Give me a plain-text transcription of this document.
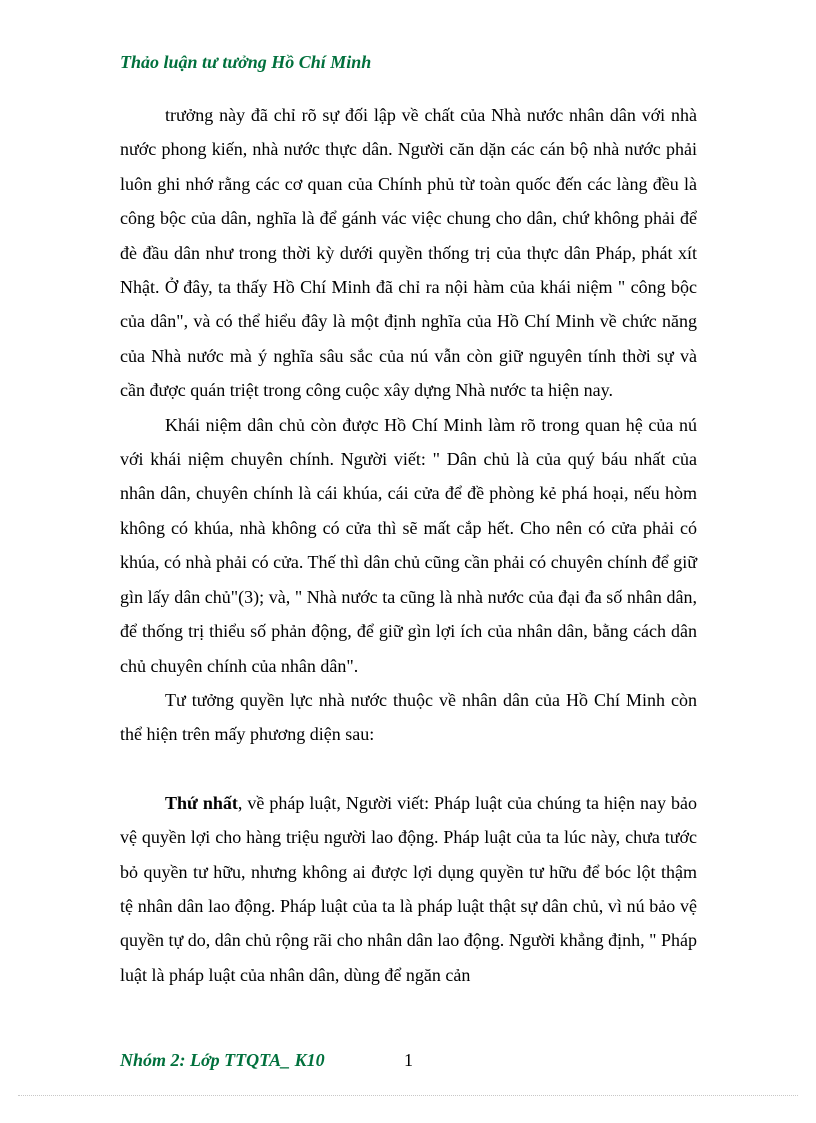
Thảo luận tư tưởng Hồ Chí Minh

trưởng này đã chỉ rõ sự đối lập về chất của Nhà nước nhân dân với nhà nước phong kiến, nhà nước thực dân. Người căn dặn các cán bộ nhà nước phải luôn ghi nhớ rằng các cơ quan của Chính phủ từ toàn quốc đến các làng đều là công bộc của dân, nghĩa là để gánh vác việc chung cho dân, chứ không phải để đè đầu dân như trong thời kỳ dưới quyền thống trị của thực dân Pháp, phát xít Nhật. Ở đây, ta thấy Hồ Chí Minh đã chỉ ra nội hàm của khái niệm " công bộc của dân", và có thể hiểu đây là một định nghĩa của Hồ Chí Minh về chức năng của Nhà nước mà ý nghĩa sâu sắc của nú vẫn còn giữ nguyên tính thời sự và cần được quán triệt trong công cuộc xây dựng Nhà nước ta hiện nay.

Khái niệm dân chủ còn được Hồ Chí Minh làm rõ trong quan hệ của nú với khái niệm chuyên chính. Người viết: " Dân chủ là của quý báu nhất của nhân dân, chuyên chính là cái khúa, cái cửa để đề phòng kẻ phá hoại, nếu hòm không có khúa, nhà không có cửa thì sẽ mất cắp hết. Cho nên có cửa phải có khúa, có nhà phải có cửa. Thế thì dân chủ cũng cần phải có chuyên chính để giữ gìn lấy dân chủ"(3); và, " Nhà nước ta cũng là nhà nước của đại đa số nhân dân, để thống trị thiểu số phản động, để giữ gìn lợi ích của nhân dân, bằng cách dân chủ chuyên chính của nhân dân".

Tư tưởng quyền lực nhà nước thuộc về nhân dân của Hồ Chí Minh còn thể hiện trên mấy phương diện sau:

Thứ nhất, về pháp luật, Người viết: Pháp luật của chúng ta hiện nay bảo vệ quyền lợi cho hàng triệu người lao động. Pháp luật của ta lúc này, chưa tước bỏ quyền tư hữu, nhưng không ai được lợi dụng quyền tư hữu để bóc lột thậm tệ nhân dân lao động. Pháp luật của ta là pháp luật thật sự dân chủ, vì nú bảo vệ quyền tự do, dân chủ rộng rãi cho nhân dân lao động. Người khẳng định, " Pháp luật là pháp luật của nhân dân, dùng để ngăn cản

Nhóm 2: Lớp TTQTA_ K10	1
